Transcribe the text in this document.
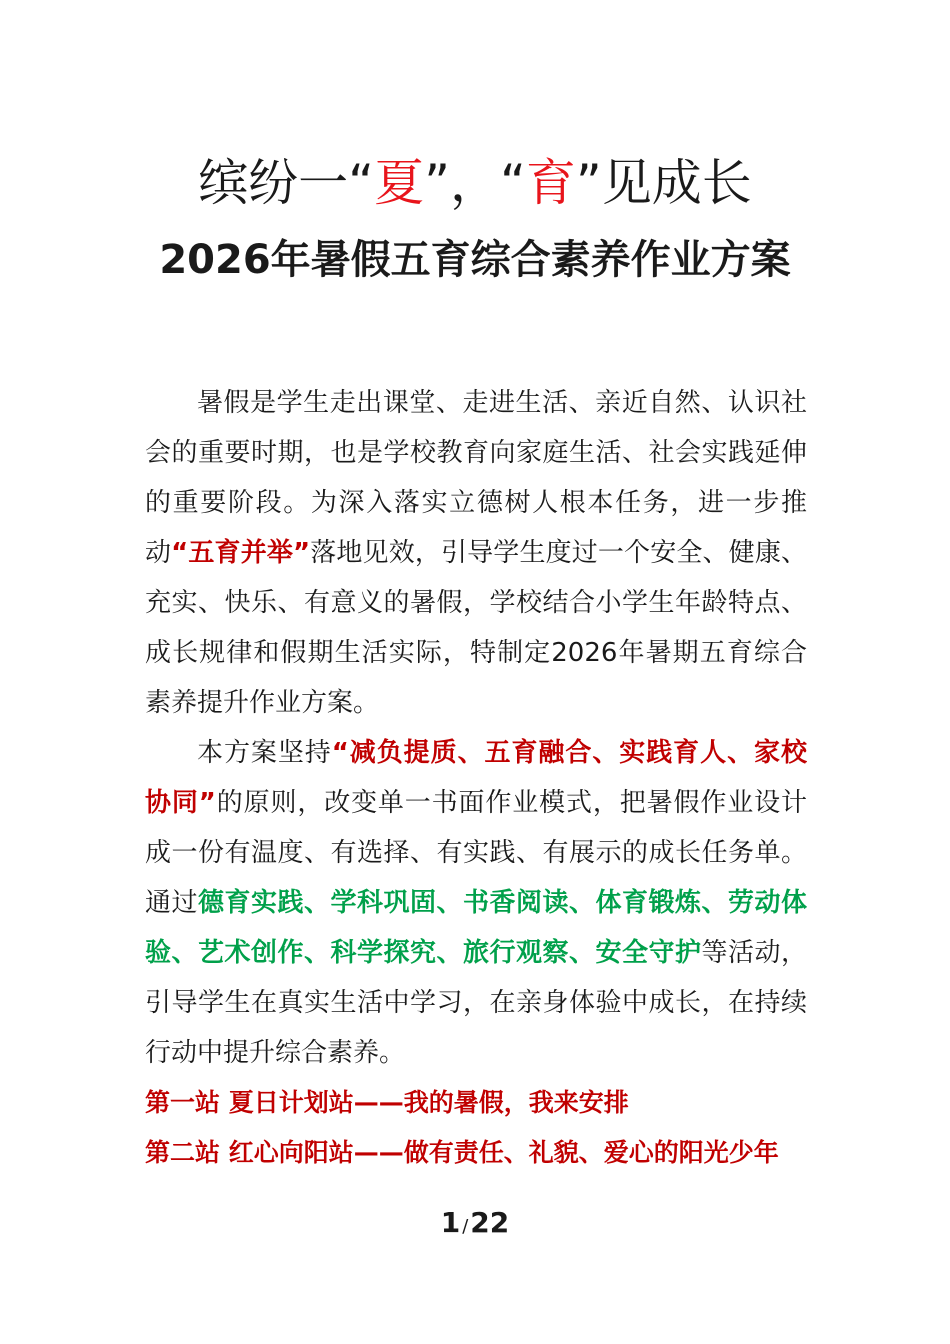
缤纷一“夏”，“育”见成长
2026年暑假五育综合素养作业方案

暑假是学生走出课堂、走进生活、亲近自然、认识社会的重要时期，也是学校教育向家庭生活、社会实践延伸的重要阶段。为深入落实立德树人根本任务，进一步推动“五育并举”落地见效，引导学生度过一个安全、健康、充实、快乐、有意义的暑假，学校结合小学生年龄特点、成长规律和假期生活实际，特制定2026年暑期五育综合素养提升作业方案。

本方案坚持“减负提质、五育融合、实践育人、家校协同”的原则，改变单一书面作业模式，把暑假作业设计成一份有温度、有选择、有实践、有展示的成长任务单。通过德育实践、学科巩固、书香阅读、体育锻炼、劳动体验、艺术创作、科学探究、旅行观察、安全守护等活动，引导学生在真实生活中学习，在亲身体验中成长，在持续行动中提升综合素养。

第一站 夏日计划站——我的暑假，我来安排

第二站 红心向阳站——做有责任、礼貌、爱心的阳光少年

1 /22
